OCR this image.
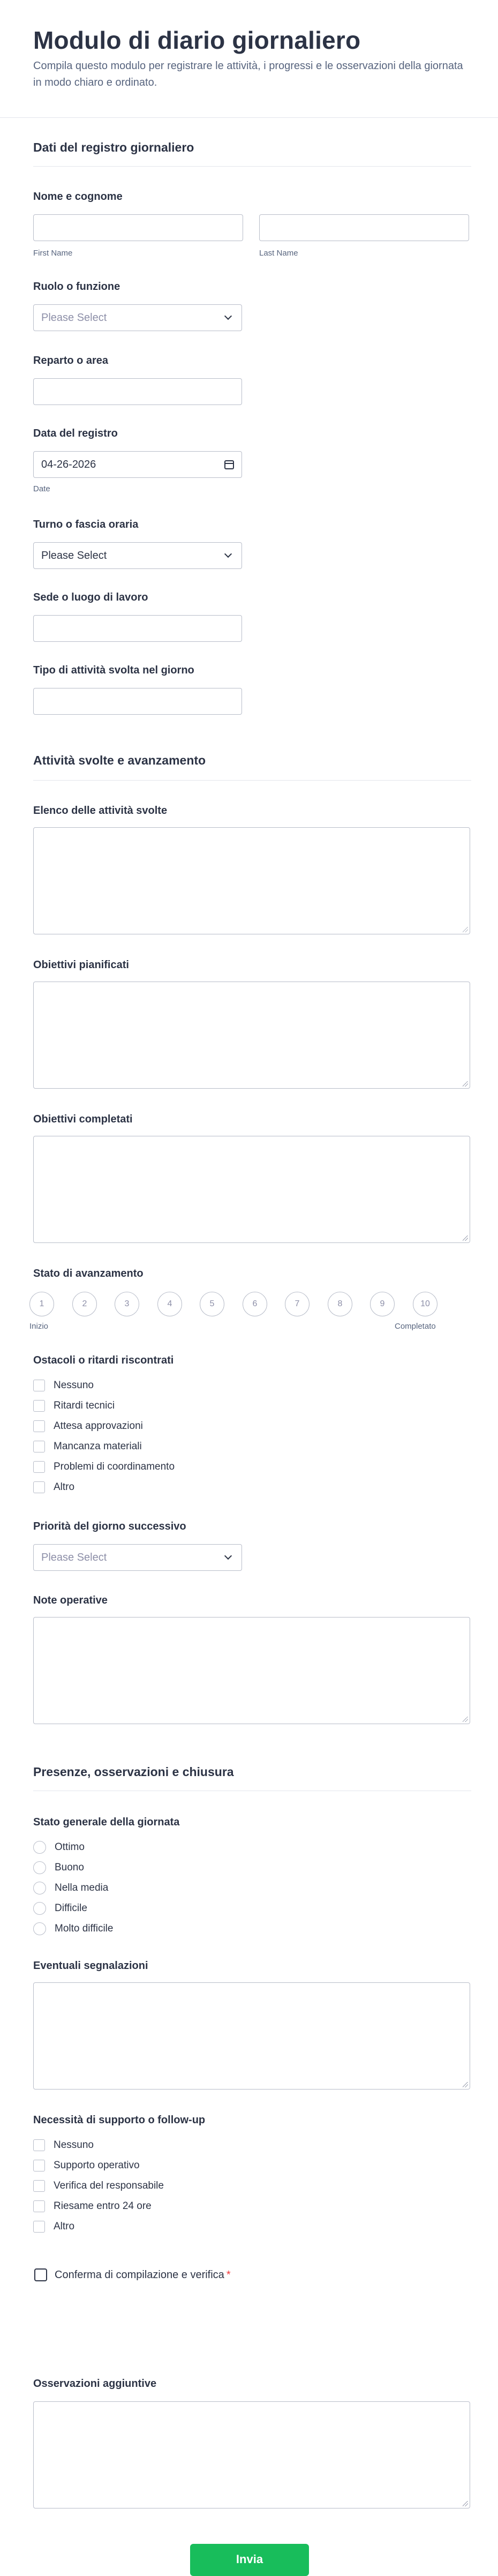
Modulo di diario giornaliero
Compila questo modulo per registrare le attività, i progressi e le osservazioni della giornata in modo chiaro e ordinato.
Dati del registro giornaliero
Nome e cognome
First Name	Last Name
Ruolo o funzione
Please Select
Reparto o area
Data del registro
04-26-2026
Date
Turno o fascia oraria
Please Select
Sede o luogo di lavoro
Tipo di attività svolta nel giorno
Attività svolte e avanzamento
Elenco delle attività svolte
Obiettivi pianificati
Obiettivi completati
Stato di avanzamento
1	2	3	4	5	6	7	8	9	10
Inizio	Completato
Ostacoli o ritardi riscontrati
Nessuno
Ritardi tecnici
Attesa approvazioni
Mancanza materiali
Problemi di coordinamento
Altro
Priorità del giorno successivo
Please Select
Note operative
Presenze, osservazioni e chiusura
Stato generale della giornata
Ottimo
Buono
Nella media
Difficile
Molto difficile
Eventuali segnalazioni
Necessità di supporto o follow-up
Nessuno
Supporto operativo
Verifica del responsabile
Riesame entro 24 ore
Altro
Conferma di compilazione e verifica *
Osservazioni aggiuntive
Invia
